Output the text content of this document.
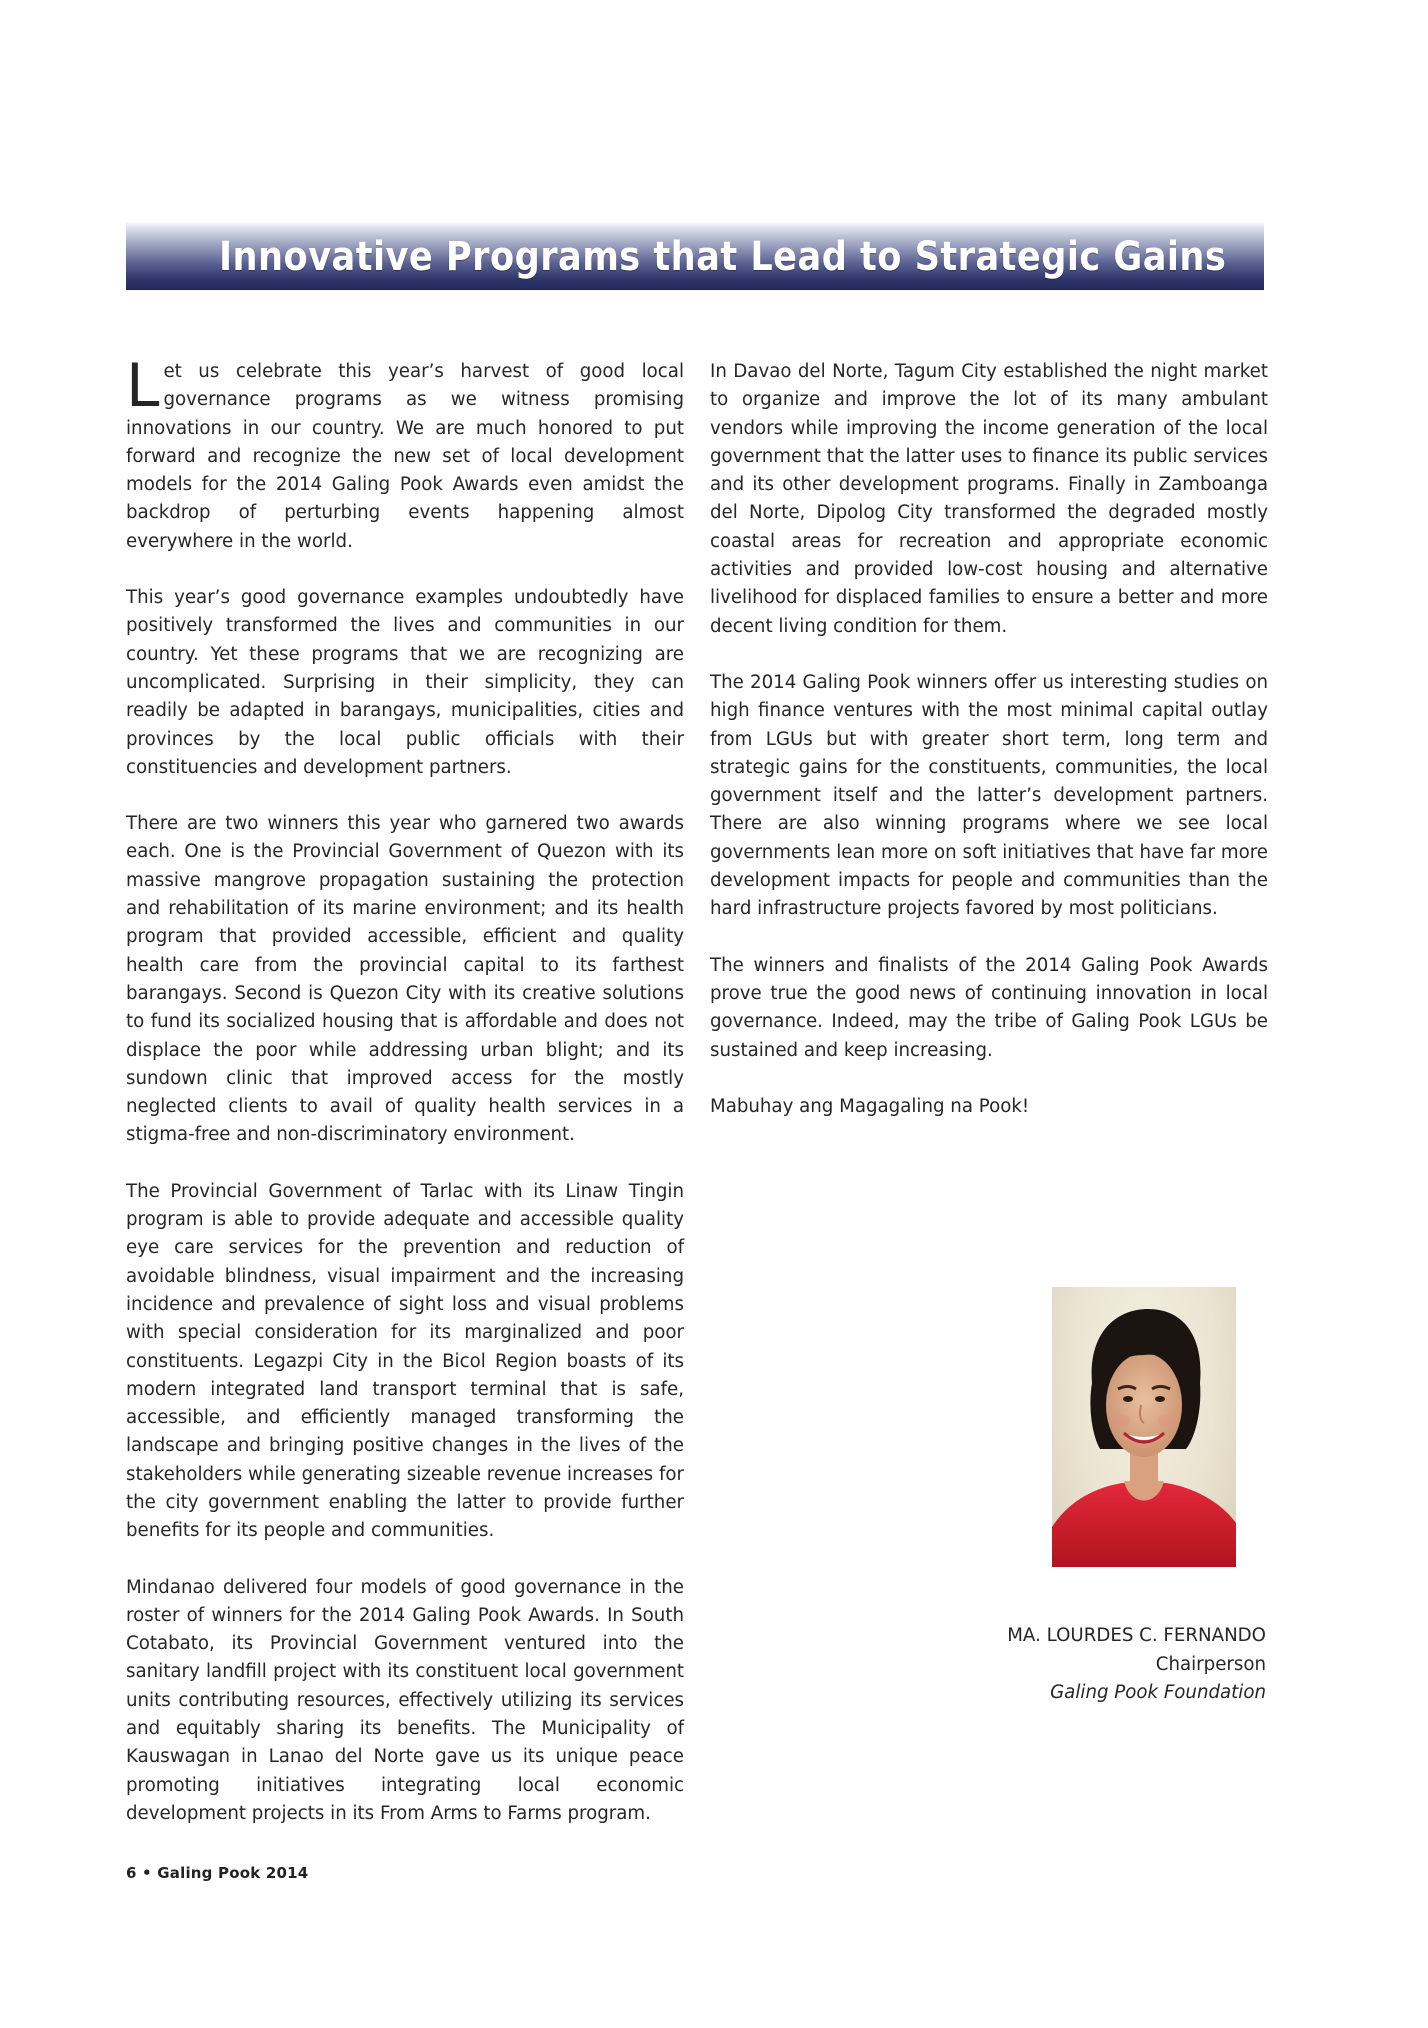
Innovative Programs that Lead to Strategic Gains

Let us celebrate this year’s harvest of good local governance programs as we witness promising innovations in our country. We are much honored to put forward and recognize the new set of local development models for the 2014 Galing Pook Awards even amidst the backdrop of perturbing events happening almost everywhere in the world.

This year’s good governance examples undoubtedly have positively transformed the lives and communities in our country. Yet these programs that we are recognizing are uncomplicated. Surprising in their simplicity, they can readily be adapted in barangays, municipalities, cities and provinces by the local public officials with their constituencies and development partners.

There are two winners this year who garnered two awards each. One is the Provincial Government of Quezon with its massive mangrove propagation sustaining the protection and rehabilitation of its marine environment; and its health program that provided accessible, efficient and quality health care from the provincial capital to its farthest barangays. Second is Quezon City with its creative solutions to fund its socialized housing that is affordable and does not displace the poor while addressing urban blight; and its sundown clinic that improved access for the mostly neglected clients to avail of quality health services in a stigma-free and non-discriminatory environment.

The Provincial Government of Tarlac with its Linaw Tingin program is able to provide adequate and accessible quality eye care services for the prevention and reduction of avoidable blindness, visual impairment and the increasing incidence and prevalence of sight loss and visual problems with special consideration for its marginalized and poor constituents. Legazpi City in the Bicol Region boasts of its modern integrated land transport terminal that is safe, accessible, and efficiently managed transforming the landscape and bringing positive changes in the lives of the stakeholders while generating sizeable revenue increases for the city government enabling the latter to provide further benefits for its people and communities.

Mindanao delivered four models of good governance in the roster of winners for the 2014 Galing Pook Awards. In South Cotabato, its Provincial Government ventured into the sanitary landfill project with its constituent local government units contributing resources, effectively utilizing its services and equitably sharing its benefits. The Municipality of Kauswagan in Lanao del Norte gave us its unique peace promoting initiatives integrating local economic development projects in its From Arms to Farms program.

In Davao del Norte, Tagum City established the night market to organize and improve the lot of its many ambulant vendors while improving the income generation of the local government that the latter uses to finance its public services and its other development programs. Finally in Zamboanga del Norte, Dipolog City transformed the degraded mostly coastal areas for recreation and appropriate economic activities and provided low-cost housing and alternative livelihood for displaced families to ensure a better and more decent living condition for them.

The 2014 Galing Pook winners offer us interesting studies on high finance ventures with the most minimal capital outlay from LGUs but with greater short term, long term and strategic gains for the constituents, communities, the local government itself and the latter’s development partners. There are also winning programs where we see local governments lean more on soft initiatives that have far more development impacts for people and communities than the hard infrastructure projects favored by most politicians.

The winners and finalists of the 2014 Galing Pook Awards prove true the good news of continuing innovation in local governance. Indeed, may the tribe of Galing Pook LGUs be sustained and keep increasing.

Mabuhay ang Magagaling na Pook!

MA. LOURDES C. FERNANDO
Chairperson
Galing Pook Foundation
6 • Galing Pook 2014
